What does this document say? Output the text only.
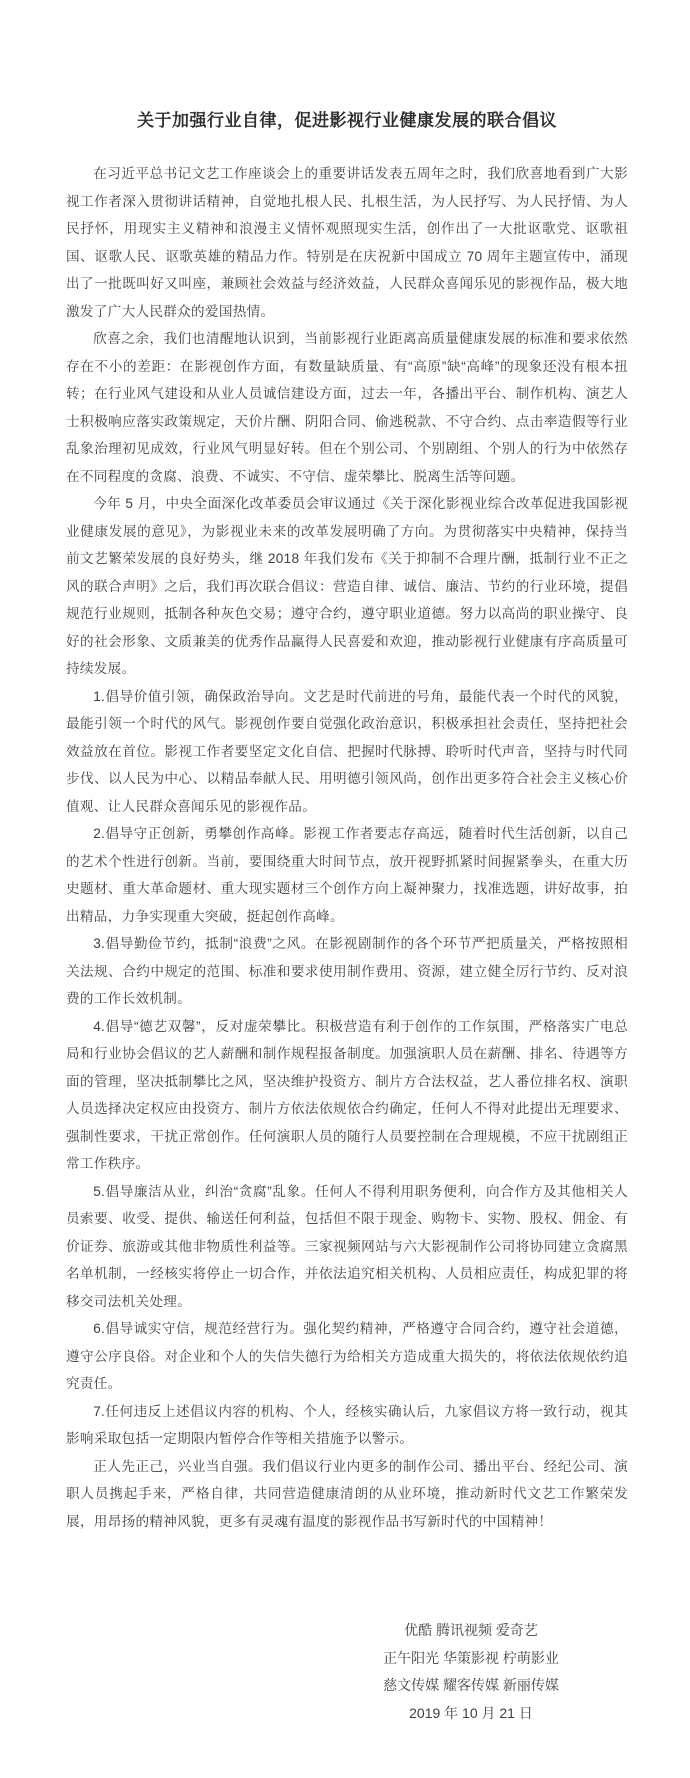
关于加强行业自律，促进影视行业健康发展的联合倡议

在习近平总书记文艺工作座谈会上的重要讲话发表五周年之时，我们欣喜地看到广大影视工作者深入贯彻讲话精神，自觉地扎根人民、扎根生活，为人民抒写、为人民抒情、为人民抒怀，用现实主义精神和浪漫主义情怀观照现实生活，创作出了一大批讴歌党、讴歌祖国、讴歌人民、讴歌英雄的精品力作。特别是在庆祝新中国成立 70 周年主题宣传中，涌现出了一批既叫好又叫座，兼顾社会效益与经济效益，人民群众喜闻乐见的影视作品，极大地激发了广大人民群众的爱国热情。

欣喜之余，我们也清醒地认识到，当前影视行业距离高质量健康发展的标准和要求依然存在不小的差距：在影视创作方面，有数量缺质量、有“高原”缺“高峰”的现象还没有根本扭转；在行业风气建设和从业人员诚信建设方面，过去一年，各播出平台、制作机构、演艺人士积极响应落实政策规定，天价片酬、阴阳合同、偷逃税款、不守合约、点击率造假等行业乱象治理初见成效，行业风气明显好转。但在个别公司、个别剧组、个别人的行为中依然存在不同程度的贪腐、浪费、不诚实、不守信、虚荣攀比、脱离生活等问题。

今年 5 月，中央全面深化改革委员会审议通过《关于深化影视业综合改革促进我国影视业健康发展的意见》，为影视业未来的改革发展明确了方向。为贯彻落实中央精神，保持当前文艺繁荣发展的良好势头，继 2018 年我们发布《关于抑制不合理片酬，抵制行业不正之风的联合声明》之后，我们再次联合倡议：营造自律、诚信、廉洁、节约的行业环境，提倡规范行业规则，抵制各种灰色交易；遵守合约，遵守职业道德。努力以高尚的职业操守、良好的社会形象、文质兼美的优秀作品赢得人民喜爱和欢迎，推动影视行业健康有序高质量可持续发展。

1.倡导价值引领，确保政治导向。文艺是时代前进的号角，最能代表一个时代的风貌，最能引领一个时代的风气。影视创作要自觉强化政治意识，积极承担社会责任，坚持把社会效益放在首位。影视工作者要坚定文化自信、把握时代脉搏、聆听时代声音，坚持与时代同步伐、以人民为中心、以精品奉献人民、用明德引领风尚，创作出更多符合社会主义核心价值观、让人民群众喜闻乐见的影视作品。

2.倡导守正创新，勇攀创作高峰。影视工作者要志存高远，随着时代生活创新，以自己的艺术个性进行创新。当前，要围绕重大时间节点，放开视野抓紧时间握紧拳头，在重大历史题材、重大革命题材、重大现实题材三个创作方向上凝神聚力，找准选题，讲好故事，拍出精品，力争实现重大突破，挺起创作高峰。

3.倡导勤俭节约，抵制“浪费”之风。在影视剧制作的各个环节严把质量关，严格按照相关法规、合约中规定的范围、标准和要求使用制作费用、资源，建立健全厉行节约、反对浪费的工作长效机制。

4.倡导“德艺双馨”，反对虚荣攀比。积极营造有利于创作的工作氛围，严格落实广电总局和行业协会倡议的艺人薪酬和制作规程报备制度。加强演职人员在薪酬、排名、待遇等方面的管理，坚决抵制攀比之风，坚决维护投资方、制片方合法权益，艺人番位排名权、演职人员选择决定权应由投资方、制片方依法依规依合约确定，任何人不得对此提出无理要求、强制性要求，干扰正常创作。任何演职人员的随行人员要控制在合理规模，不应干扰剧组正常工作秩序。

5.倡导廉洁从业，纠治“贪腐”乱象。任何人不得利用职务便利，向合作方及其他相关人员索要、收受、提供、输送任何利益，包括但不限于现金、购物卡、实物、股权、佣金、有价证券、旅游或其他非物质性利益等。三家视频网站与六大影视制作公司将协同建立贪腐黑名单机制，一经核实将停止一切合作，并依法追究相关机构、人员相应责任，构成犯罪的将移交司法机关处理。

6.倡导诚实守信，规范经营行为。强化契约精神，严格遵守合同合约，遵守社会道德，遵守公序良俗。对企业和个人的失信失德行为给相关方造成重大损失的，将依法依规依约追究责任。

7.任何违反上述倡议内容的机构、个人，经核实确认后，九家倡议方将一致行动，视其影响采取包括一定期限内暂停合作等相关措施予以警示。

正人先正己，兴业当自强。我们倡议行业内更多的制作公司、播出平台、经纪公司、演职人员携起手来，严格自律，共同营造健康清朗的从业环境，推动新时代文艺工作繁荣发展，用昂扬的精神风貌，更多有灵魂有温度的影视作品书写新时代的中国精神！

优酷 腾讯视频 爱奇艺
正午阳光 华策影视 柠萌影业
慈文传媒 耀客传媒 新丽传媒
2019 年 10 月 21 日
